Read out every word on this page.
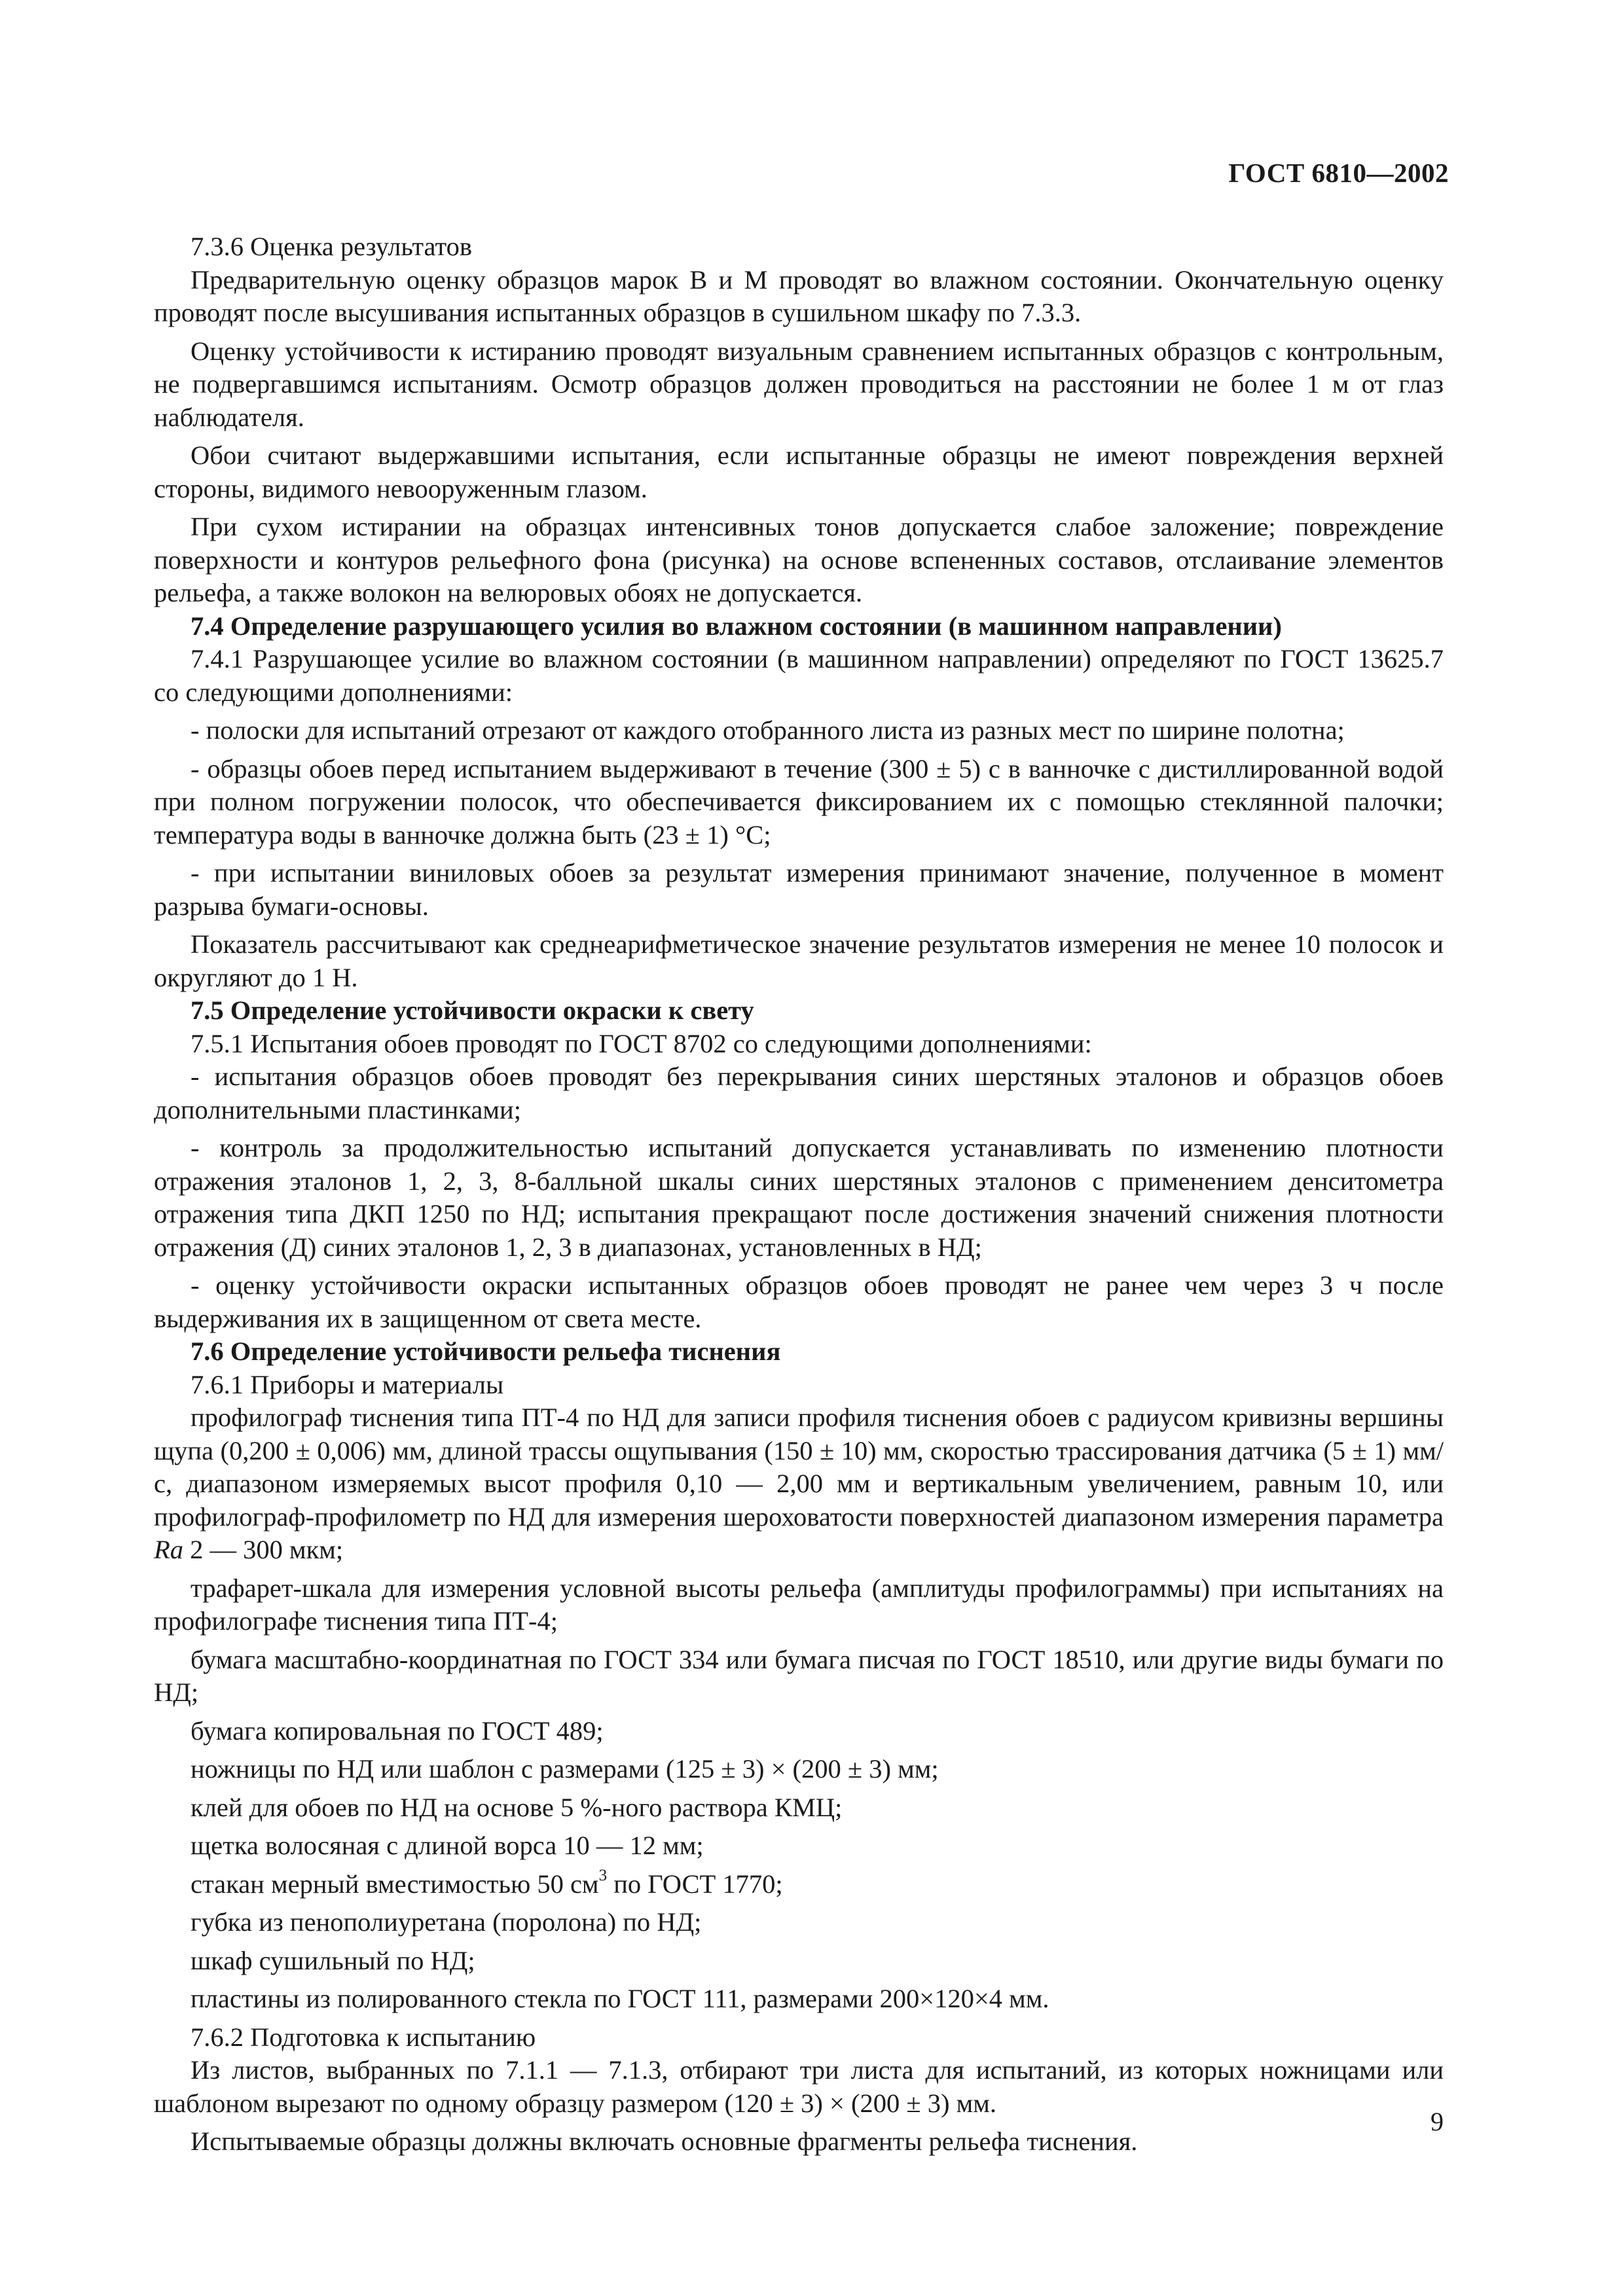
ГОСТ 6810—2002

7.3.6 Оценка результатов

Предварительную оценку образцов марок В и М проводят во влажном состоянии. Окончательную оценку проводят после высушивания испытанных образцов в сушильном шкафу по 7.3.3.

Оценку устойчивости к истиранию проводят визуальным сравнением испытанных образцов с контрольным, не подвергавшимся испытаниям. Осмотр образцов должен проводиться на расстоянии не более 1 м от глаз наблюдателя.

Обои считают выдержавшими испытания, если испытанные образцы не имеют повреждения верхней стороны, видимого невооруженным глазом.

При сухом истирании на образцах интенсивных тонов допускается слабое заложение; повреждение поверхности и контуров рельефного фона (рисунка) на основе вспененных составов, отслаивание элементов рельефа, а также волокон на велюровых обоях не допускается.

7.4 Определение разрушающего усилия во влажном состоянии (в машинном направлении)

7.4.1 Разрушающее усилие во влажном состоянии (в машинном направлении) определяют по ГОСТ 13625.7 со следующими дополнениями:

- полоски для испытаний отрезают от каждого отобранного листа из разных мест по ширине полотна;

- образцы обоев перед испытанием выдерживают в течение (300 ± 5) с в ванночке с дистиллированной водой при полном погружении полосок, что обеспечивается фиксированием их с помощью стеклянной палочки; температура воды в ванночке должна быть (23 ± 1) °С;

- при испытании виниловых обоев за результат измерения принимают значение, полученное в момент разрыва бумаги-основы.

Показатель рассчитывают как среднеарифметическое значение результатов измерения не менее 10 полосок и округляют до 1 Н.

7.5 Определение устойчивости окраски к свету

7.5.1 Испытания обоев проводят по ГОСТ 8702 со следующими дополнениями:

- испытания образцов обоев проводят без перекрывания синих шерстяных эталонов и образцов обоев дополнительными пластинками;

- контроль за продолжительностью испытаний допускается устанавливать по изменению плотности отражения эталонов 1, 2, 3, 8-балльной шкалы синих шерстяных эталонов с применением денситометра отражения типа ДКП 1250 по НД; испытания прекращают после достижения значений снижения плотности отражения (Д) синих эталонов 1, 2, 3 в диапазонах, установленных в НД;

- оценку устойчивости окраски испытанных образцов обоев проводят не ранее чем через 3 ч после выдерживания их в защищенном от света месте.

7.6 Определение устойчивости рельефа тиснения

7.6.1 Приборы и материалы

профилограф тиснения типа ПТ-4 по НД для записи профиля тиснения обоев с радиусом кривизны вершины щупа (0,200 ± 0,006) мм, длиной трассы ощупывания (150 ± 10) мм, скоростью трассирования датчика (5 ± 1) мм/с, диапазоном измеряемых высот профиля 0,10 — 2,00 мм и вертикальным увеличением, равным 10, или профилограф-профилометр по НД для измерения шероховатости поверхностей диапазоном измерения параметра Ra 2 — 300 мкм;

трафарет-шкала для измерения условной высоты рельефа (амплитуды профилограммы) при испытаниях на профилографе тиснения типа ПТ-4;

бумага масштабно-координатная по ГОСТ 334 или бумага писчая по ГОСТ 18510, или другие виды бумаги по НД;

бумага копировальная по ГОСТ 489;

ножницы по НД или шаблон с размерами (125 ± 3) × (200 ± 3) мм;

клей для обоев по НД на основе 5 %-ного раствора КМЦ;

щетка волосяная с длиной ворса 10 — 12 мм;

стакан мерный вместимостью 50 $см^3$ по ГОСТ 1770;

губка из пенополиуретана (поролона) по НД;

шкаф сушильный по НД;

пластины из полированного стекла по ГОСТ 111, размерами 200×120×4 мм.

7.6.2 Подготовка к испытанию

Из листов, выбранных по 7.1.1 — 7.1.3, отбирают три листа для испытаний, из которых ножницами или шаблоном вырезают по одному образцу размером (120 ± 3) × (200 ± 3) мм.

Испытываемые образцы должны включать основные фрагменты рельефа тиснения.

9
